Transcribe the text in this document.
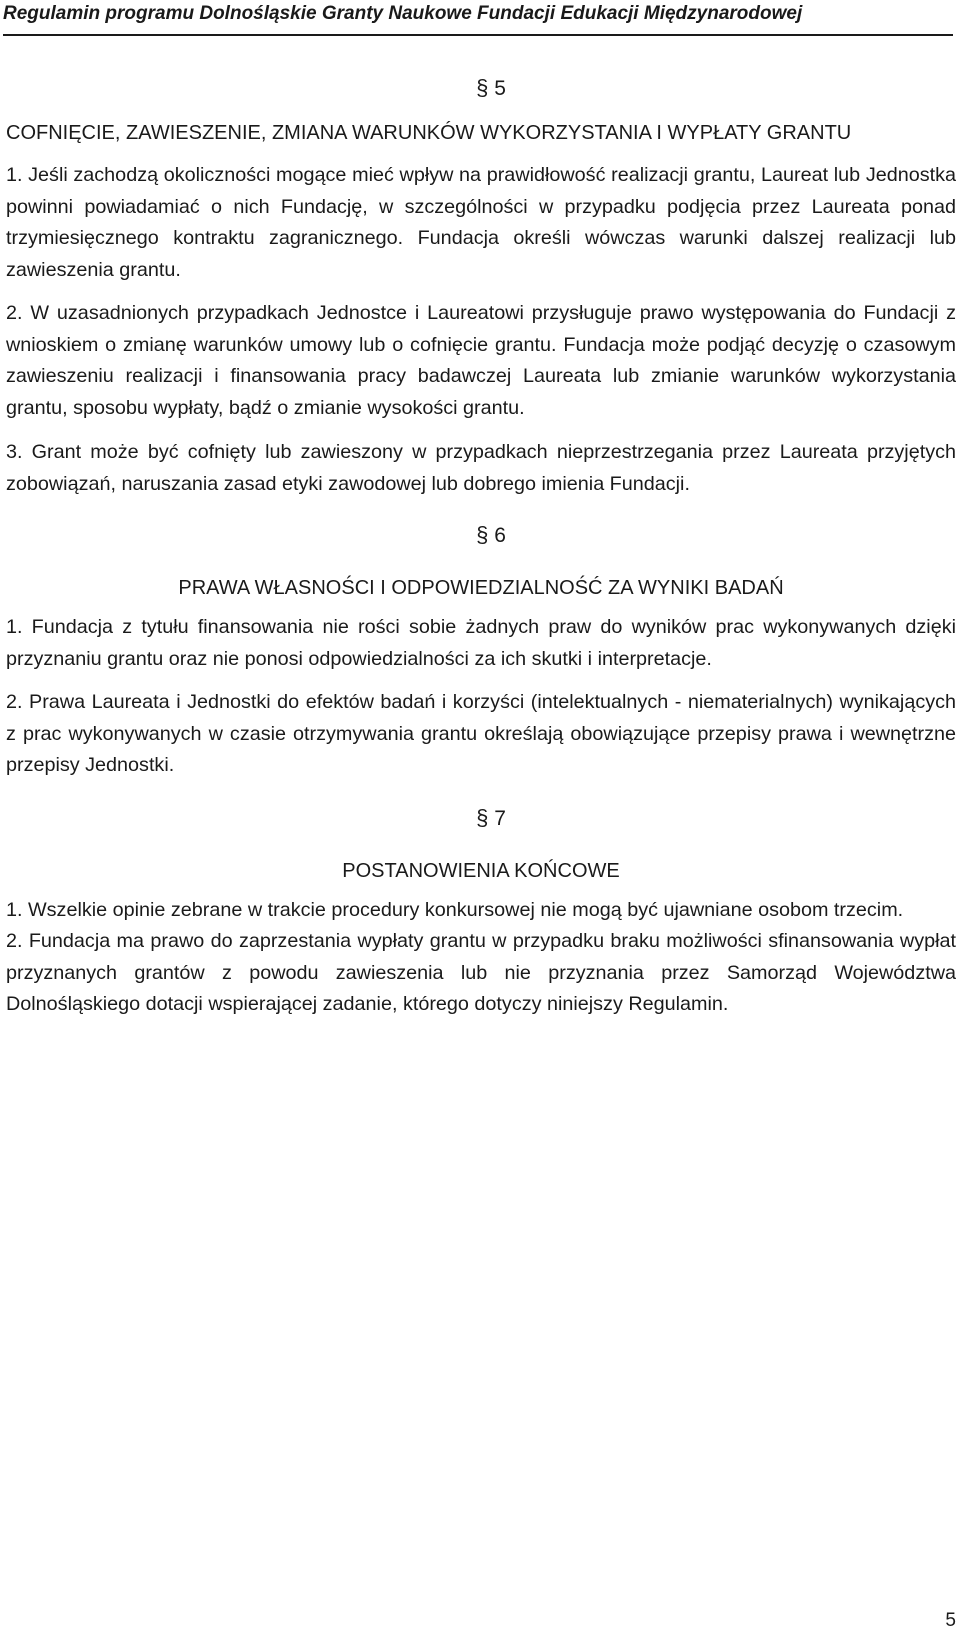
Regulamin programu Dolnośląskie Granty Naukowe Fundacji Edukacji Międzynarodowej

§ 5

COFNIĘCIE, ZAWIESZENIE, ZMIANA WARUNKÓW WYKORZYSTANIA I WYPŁATY GRANTU

1. Jeśli zachodzą okoliczności mogące mieć wpływ na prawidłowość realizacji grantu, Laureat lub Jednostka powinni powiadamiać o nich Fundację, w szczególności w przypadku podjęcia przez Laureata ponad trzymiesięcznego kontraktu zagranicznego. Fundacja określi wówczas warunki dalszej realizacji lub zawieszenia grantu.

2. W uzasadnionych przypadkach Jednostce i Laureatowi przysługuje prawo występowania do Fundacji z wnioskiem o zmianę warunków umowy lub o cofnięcie grantu. Fundacja może podjąć decyzję o czasowym zawieszeniu realizacji i finansowania pracy badawczej Laureata lub zmianie warunków wykorzystania grantu, sposobu wypłaty, bądź o zmianie wysokości grantu.

3. Grant może być cofnięty lub zawieszony w przypadkach nieprzestrzegania przez Laureata przyjętych zobowiązań, naruszania zasad etyki zawodowej lub dobrego imienia Fundacji.

§ 6

PRAWA WŁASNOŚCI I ODPOWIEDZIALNOŚĆ ZA WYNIKI BADAŃ

1. Fundacja z tytułu finansowania nie rości sobie żadnych praw do wyników prac wykonywanych dzięki przyznaniu grantu oraz nie ponosi odpowiedzialności za ich skutki i interpretacje.

2. Prawa Laureata i Jednostki do efektów badań i korzyści (intelektualnych - niematerialnych) wynikających z prac wykonywanych w czasie otrzymywania grantu określają obowiązujące przepisy prawa i wewnętrzne przepisy Jednostki.

§ 7

POSTANOWIENIA KOŃCOWE

1. Wszelkie opinie zebrane w trakcie procedury konkursowej nie mogą być ujawniane osobom trzecim.

2. Fundacja ma prawo do zaprzestania wypłaty grantu w przypadku braku możliwości sfinansowania wypłat przyznanych grantów z powodu zawieszenia lub nie przyznania przez Samorząd Województwa Dolnośląskiego dotacji wspierającej zadanie, którego dotyczy niniejszy Regulamin.

5
